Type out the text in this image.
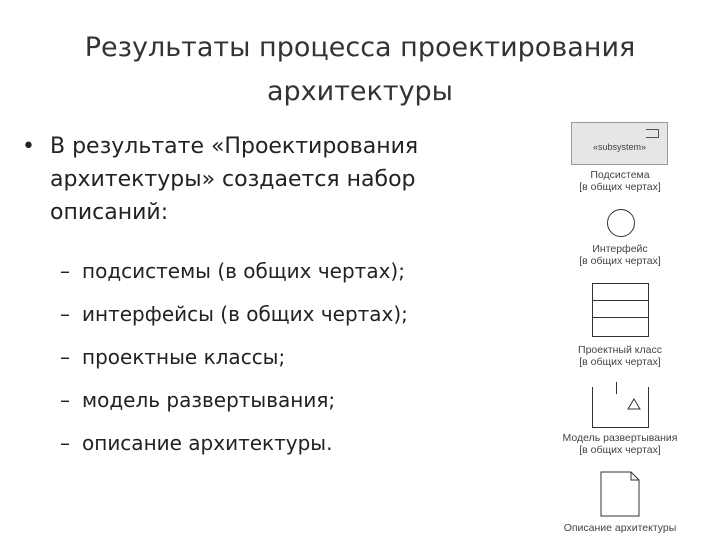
Результаты процесса проектирования
архитектуры
• В результате «Проектирования
архитектуры» создается набор
описаний:
– подсистемы (в общих чертах);
– интерфейсы (в общих чертах);
– проектные классы;
– модель развертывания;
– описание архитектуры.
«subsystem»
Подсистема
[в общих чертах]
Интерфейс
[в общих чертах]
Проектный класс
[в общих чертах]
Модель развертывания
[в общих чертах]
Описание архитектуры
